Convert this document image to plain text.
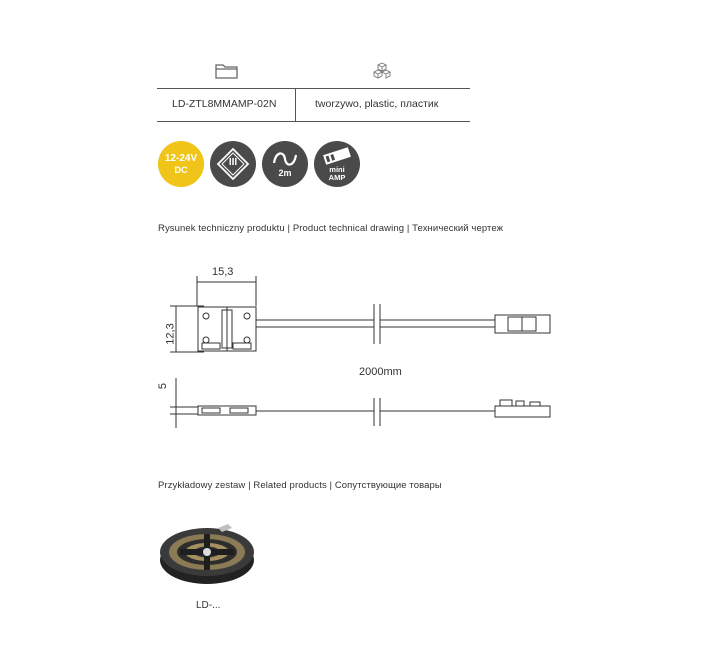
LD-ZTL8MMAMP-02N	tworzywo, plastic, пластик
12-24V
DC
III
2m	mini
AMP
Rysunek techniczny produktu | Product technical drawing | Технический чертеж
15,3
12,3
2000mm
5
Przykładowy zestaw | Related products | Сопутствующие товары
LD-...
